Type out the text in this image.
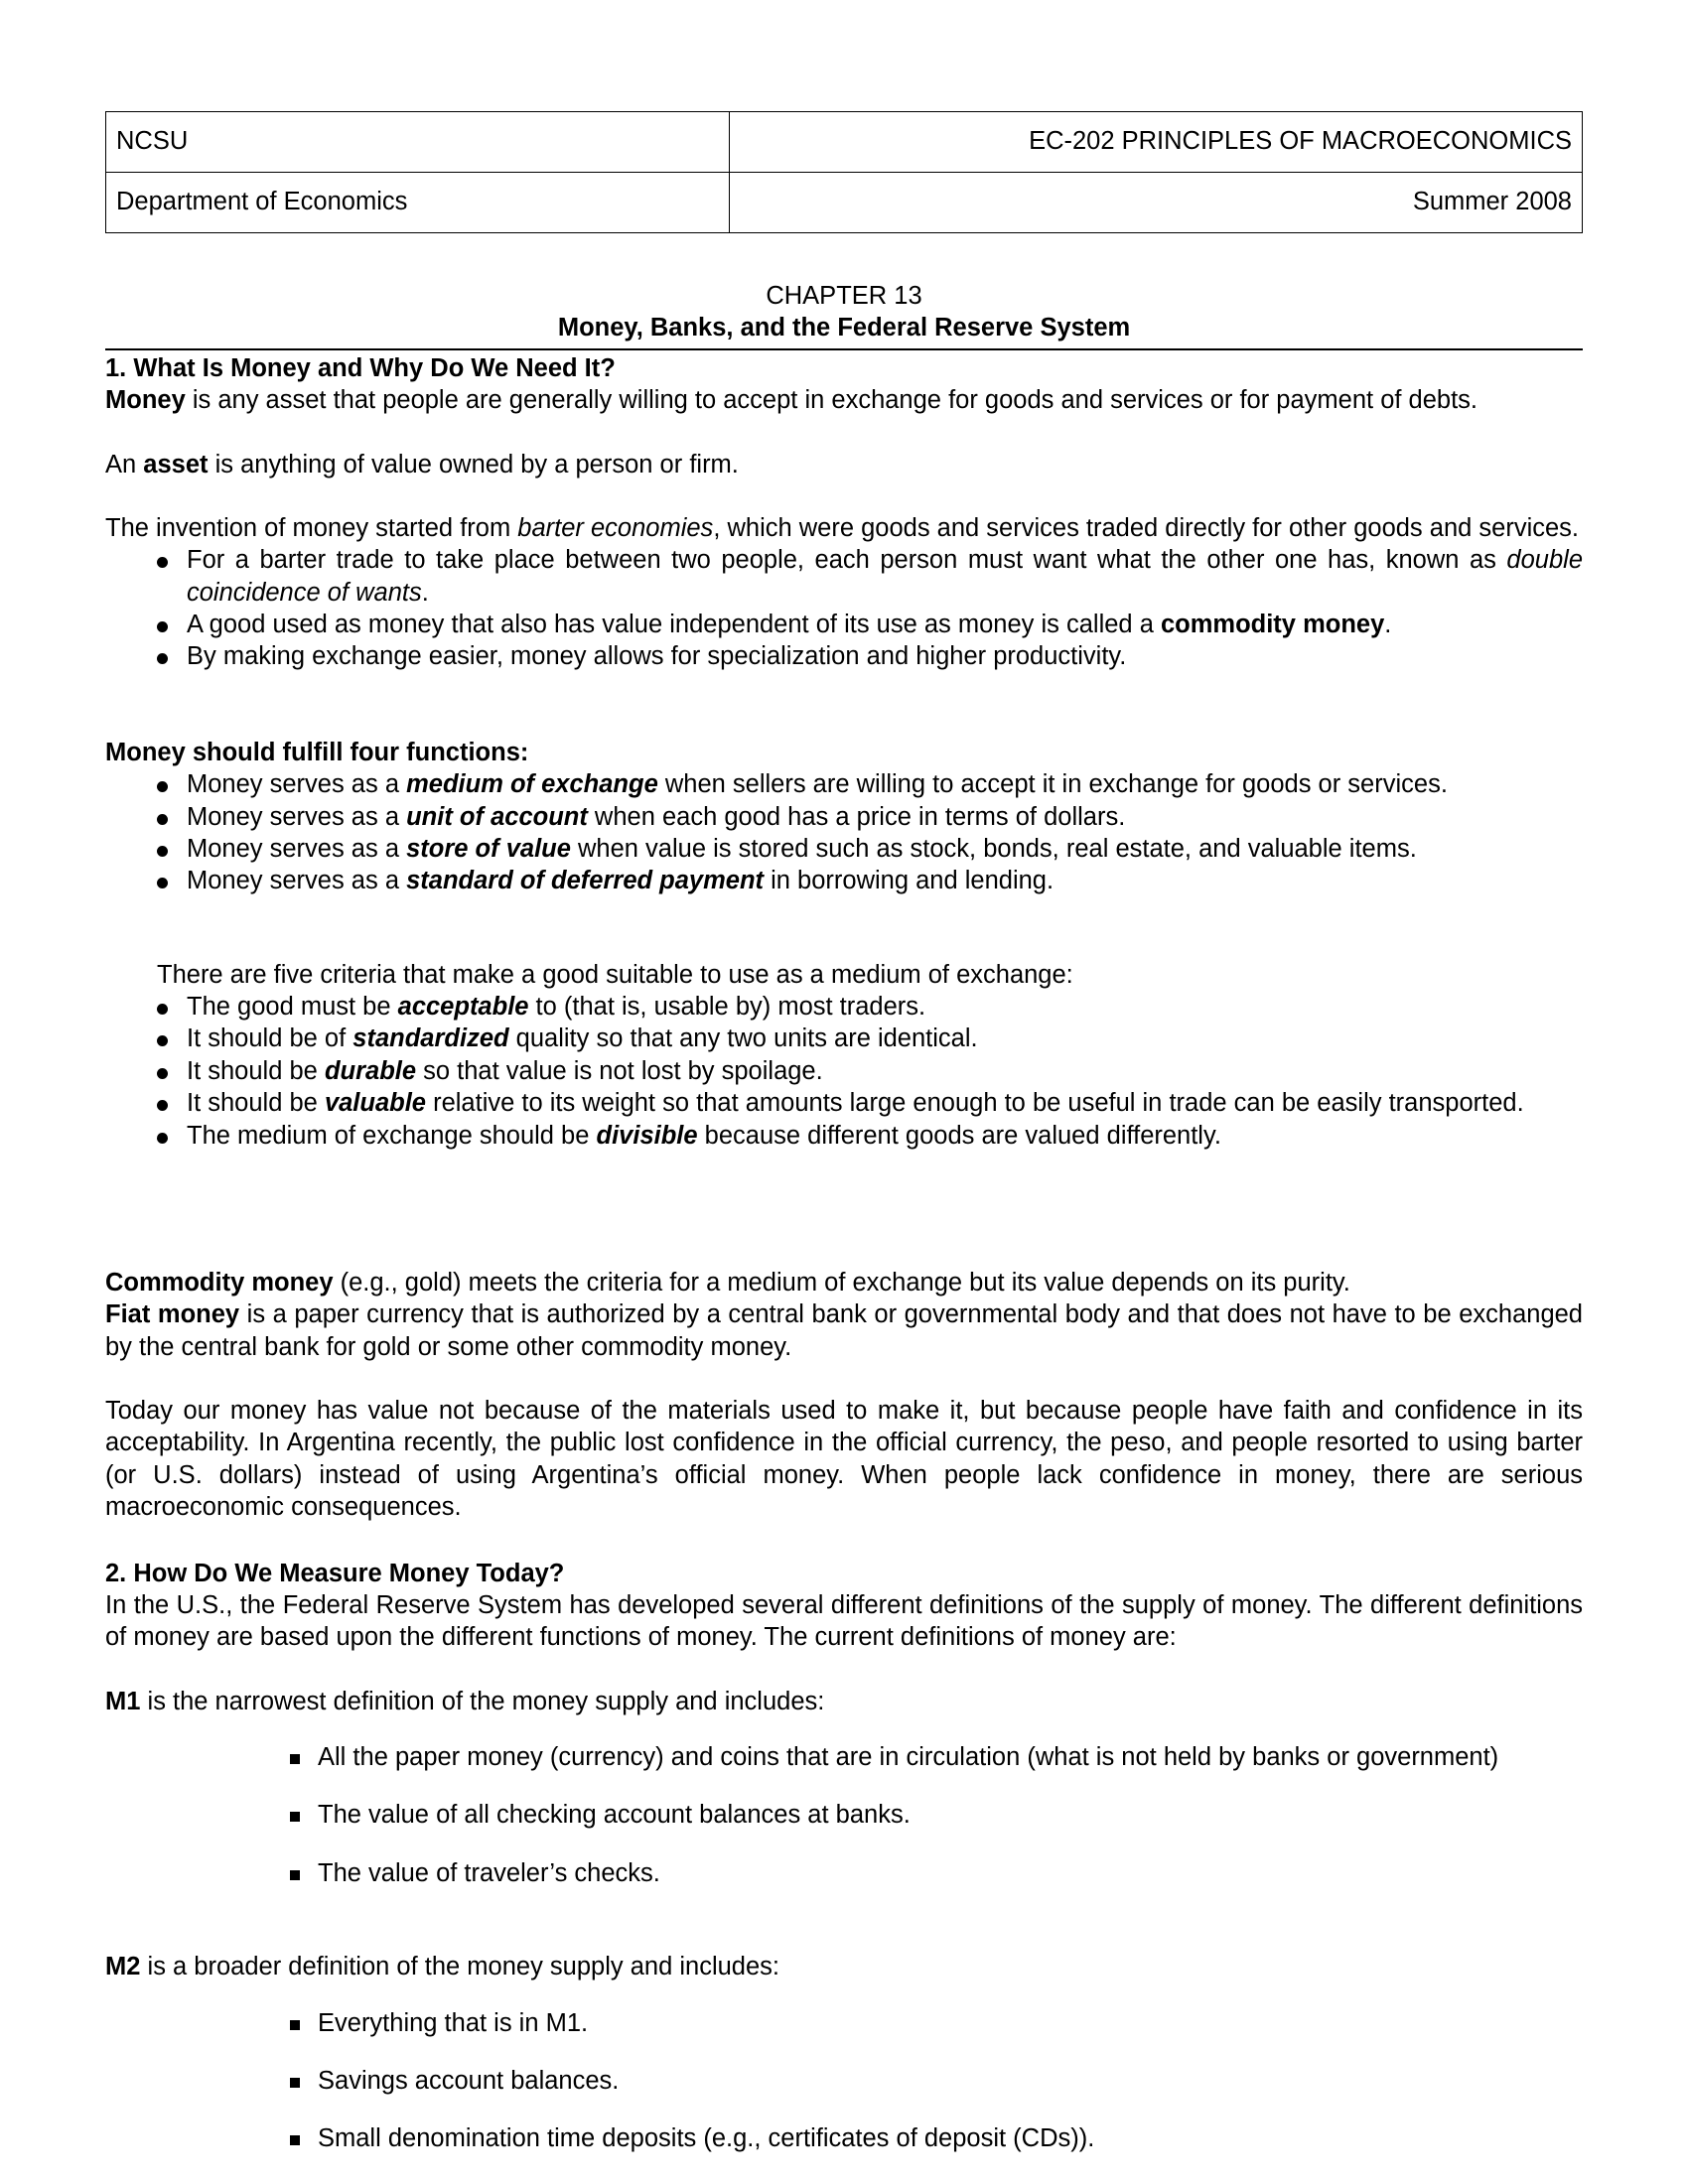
NCSU	EC-202 PRINCIPLES OF MACROECONOMICS
Department of Economics	Summer 2008
CHAPTER 13
Money, Banks, and the Federal Reserve System
1. What Is Money and Why Do We Need It?

Money is any asset that people are generally willing to accept in exchange for goods and services or for payment of debts.

An asset is anything of value owned by a person or firm.

The invention of money started from barter economies, which were goods and services traded directly for other goods and services.

For a barter trade to take place between two people, each person must want what the other one has, known as double coincidence of wants.
A good used as money that also has value independent of its use as money is called a commodity money.
By making exchange easier, money allows for specialization and higher productivity.
Money should fulfill four functions:
Money serves as a medium of exchange when sellers are willing to accept it in exchange for goods or services.
Money serves as a unit of account when each good has a price in terms of dollars.
Money serves as a store of value when value is stored such as stock, bonds, real estate, and valuable items.
Money serves as a standard of deferred payment in borrowing and lending.

There are five criteria that make a good suitable to use as a medium of exchange:

The good must be acceptable to (that is, usable by) most traders.
It should be of standardized quality so that any two units are identical.
It should be durable so that value is not lost by spoilage.
It should be valuable relative to its weight so that amounts large enough to be useful in trade can be easily transported.
The medium of exchange should be divisible because different goods are valued differently.

Commodity money (e.g., gold) meets the criteria for a medium of exchange but its value depends on its purity.

Fiat money is a paper currency that is authorized by a central bank or governmental body and that does not have to be exchanged by the central bank for gold or some other commodity money.

Today our money has value not because of the materials used to make it, but because people have faith and confidence in its acceptability. In Argentina recently, the public lost confidence in the official currency, the peso, and people resorted to using barter (or U.S. dollars) instead of using Argentina’s official money. When people lack confidence in money, there are serious macroeconomic consequences.

2. How Do We Measure Money Today?

In the U.S., the Federal Reserve System has developed several different definitions of the supply of money. The different definitions of money are based upon the different functions of money. The current definitions of money are:

M1 is the narrowest definition of the money supply and includes:

All the paper money (currency) and coins that are in circulation (what is not held by banks or government)
The value of all checking account balances at banks.
The value of traveler’s checks.

M2 is a broader definition of the money supply and includes:

Everything that is in M1.
Savings account balances.
Small denomination time deposits (e.g., certificates of deposit (CDs)).
